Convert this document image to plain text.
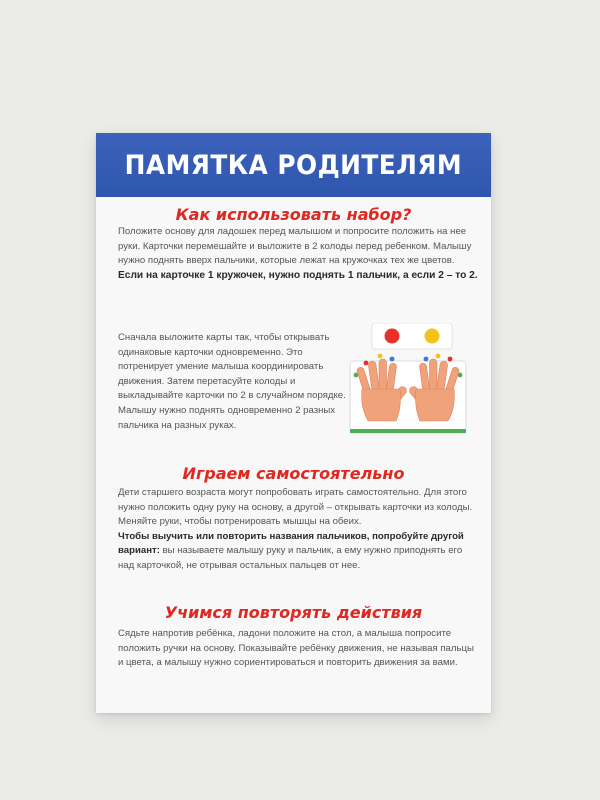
ПАМЯТКА РОДИТЕЛЯМ
Как использовать набор?

Положите основу для ладошек перед малышом и попросите положить на нее руки. Карточки перемешайте и выложите в 2 колоды перед ребенком. Малышу нужно поднять вверх пальчики, которые лежат на кружочках тех же цветов.
Если на карточке 1 кружочек, нужно поднять 1 пальчик, а если 2 – то 2.

Сначала выложите карты так, чтобы открывать одинаковые карточки одновременно. Это потренирует умение малыша координировать движения. Затем перетасуйте колоды и выкладывайте карточки по 2 в случайном порядке. Малышу нужно поднять одновременно 2 разных пальчика на разных руках.

Играем самостоятельно

Дети старшего возраста могут попробовать играть самостоятельно. Для этого нужно положить одну руку на основу, а другой – открывать карточки из колоды. Меняйте руки, чтобы потренировать мышцы на обеих.
Чтобы выучить или повторить названия пальчиков, попробуйте другой вариант: вы называете малышу руку и пальчик, а ему нужно приподнять его над карточкой, не отрывая остальных пальцев от нее.

Учимся повторять действия

Сядьте напротив ребёнка, ладони положите на стол, а малыша попросите положить ручки на основу. Показывайте ребёнку движения, не называя пальцы и цвета, а малышу нужно сориентироваться и повторить движения за вами.
